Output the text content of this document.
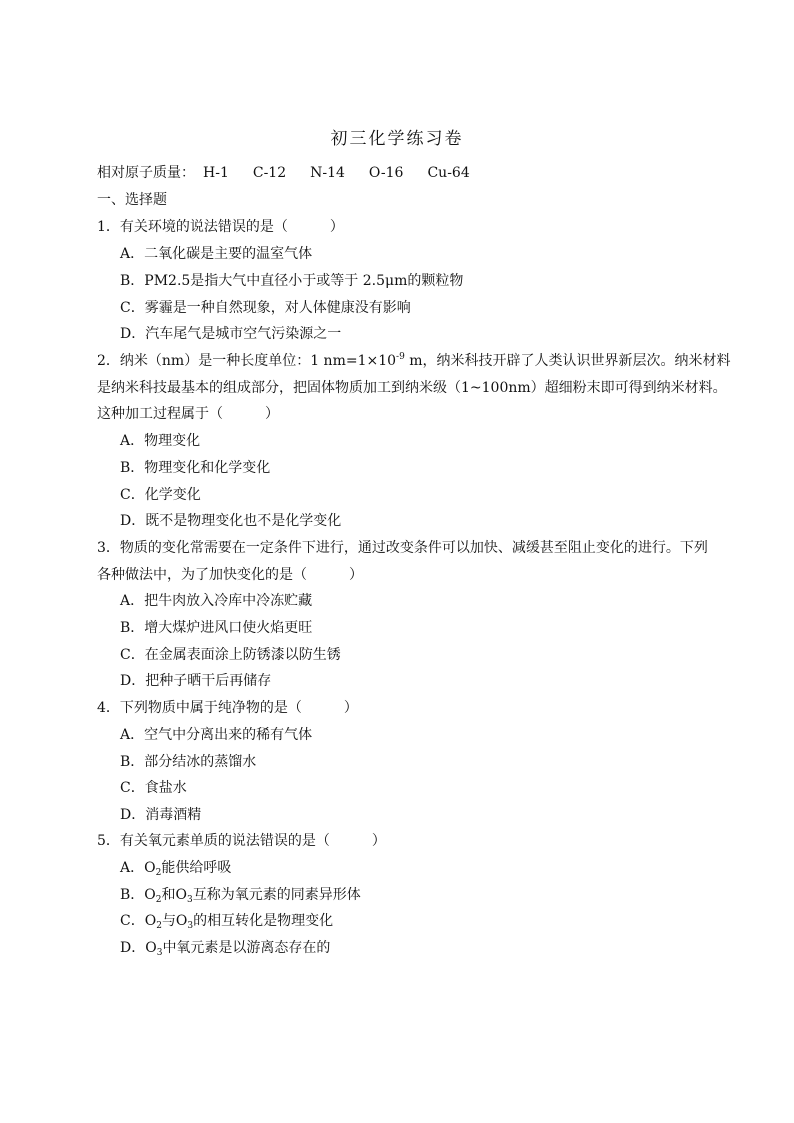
初三化学练习卷
相对原子质量： H-1 C-12 N-14 O-16 Cu-64
一、选择题
1．有关环境的说法错误的是（　　　）
A．二氧化碳是主要的温室气体
B．PM2.5是指大气中直径小于或等于 2.5μm的颗粒物
C．雾霾是一种自然现象，对人体健康没有影响
D．汽车尾气是城市空气污染源之一
2．纳米（nm）是一种长度单位：1 $nm=1\times 10^{-9}$ m，纳米科技开辟了人类认识世界新层次。纳米材料
是纳米科技最基本的组成部分，把固体物质加工到纳米级（1~100nm）超细粉末即可得到纳米材料。
这种加工过程属于（　　　）
A．物理变化
B．物理变化和化学变化
C．化学变化
D．既不是物理变化也不是化学变化
3．物质的变化常需要在一定条件下进行，通过改变条件可以加快、减缓甚至阻止变化的进行。下列
各种做法中，为了加快变化的是（　　　）
A．把牛肉放入冷库中冷冻贮藏
B．增大煤炉进风口使火焰更旺
C．在金属表面涂上防锈漆以防生锈
D．把种子晒干后再储存
4．下列物质中属于纯净物的是（　　　）
A．空气中分离出来的稀有气体
B．部分结冰的蒸馏水
C．食盐水
D．消毒酒精
5．有关氧元素单质的说法错误的是（　　　）
A．$O_2$能供给呼吸
B．$O_2$和$O_3$互称为氧元素的同素异形体
C．$O_2$与$O_3$的相互转化是物理变化
D．$O_3$中氧元素是以游离态存在的
